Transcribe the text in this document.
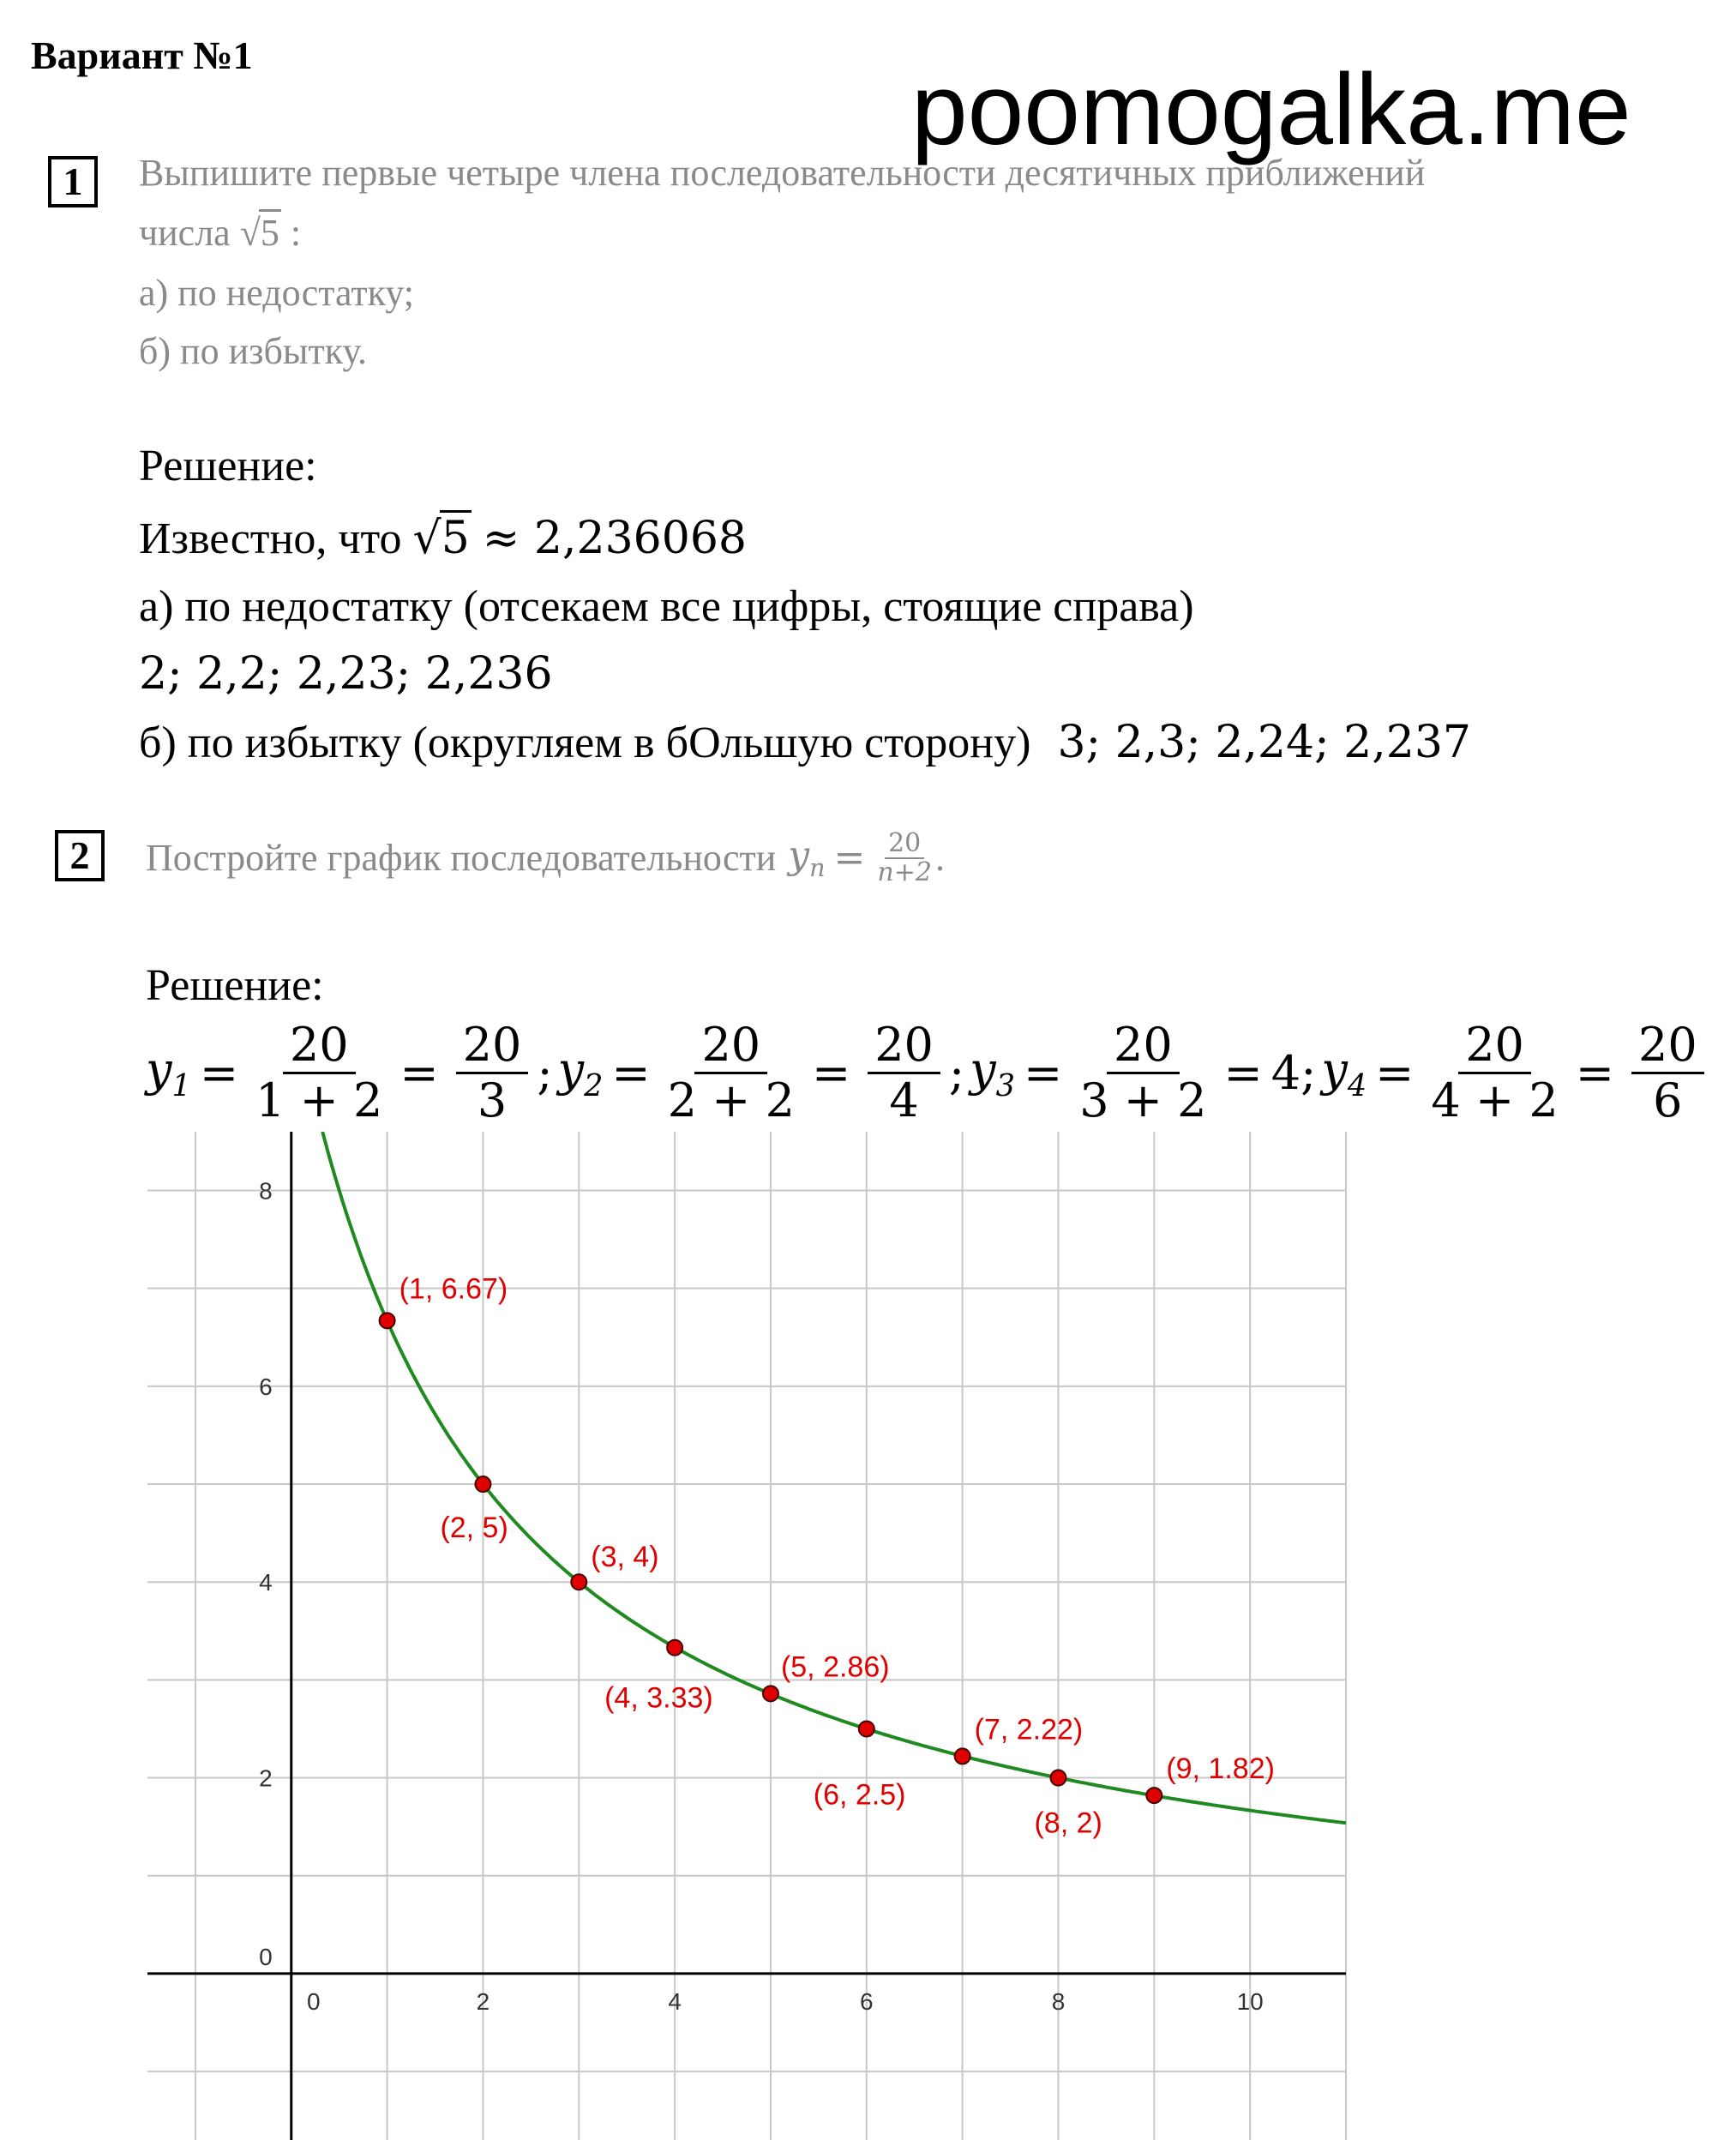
Вариант №1	poomogalka.me
1	Выпишите первые четыре члена последовательности десятичных приближений
числа √5 :
а) по недостатку;
б) по избытку.
Решение:
Известно, что √5 ≈ 2,236068
а) по недостатку (отсекаем все цифры, стоящие справа)
2; 2,2; 2,23; 2,236
б) по избытку (округляем в бОльшую сторону) 3; 2,3; 2,24; 2,237
2	Постройте график последовательности $y_n = \frac{20}{n+2}$ .
Решение:
$y_1 = \frac{20}{1 + 2} = \frac{20}{3}$ ; $y_2 = \frac{20}{2 + 2} = \frac{20}{4}$ ; $y_3 = \frac{20}{3 + 2} = 4$ ; $y_4 = \frac{20}{4 + 2} = \frac{20}{6}$
0	2	4	6	8	10
0
2
4
6
8
(1, 6.67)
(2, 5)
(3, 4)
(4, 3.33)
(5, 2.86)
(6, 2.5)
(7, 2.22)
(8, 2)
(9, 1.82)
